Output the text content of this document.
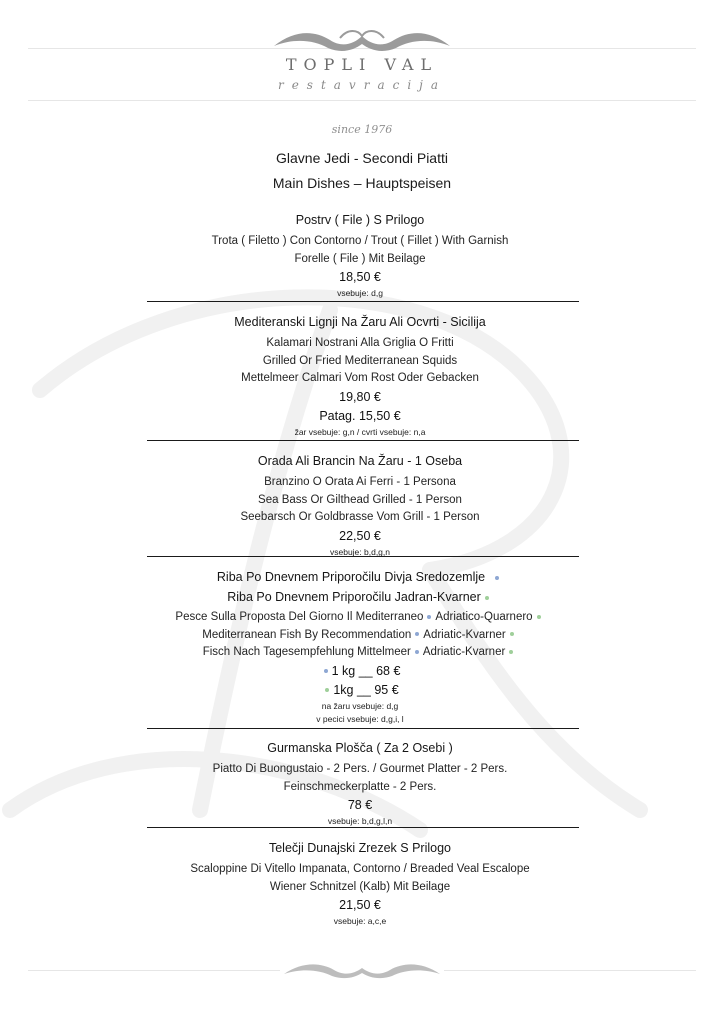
TOPLI VAL
restavracija
since 1976
Glavne Jedi - Secondi Piatti
Main Dishes – Hauptspeisen
Postrv ( File ) S Prilogo
Trota ( Filetto ) Con Contorno / Trout ( Fillet ) With Garnish
Forelle ( File ) Mit Beilage
18,50 €
vsebuje: d,g
Mediteranski Lignji Na Žaru Ali Ocvrti - Sicilija
Kalamari Nostrani Alla Griglia O Fritti
Grilled Or Fried Mediterranean Squids
Mettelmeer Calmari Vom Rost Oder Gebacken
19,80 €
Patag. 15,50 €
žar vsebuje: g,n / cvrti vsebuje: n,a
Orada Ali Brancin Na Žaru - 1 Oseba
Branzino O Orata Ai Ferri - 1 Persona
Sea Bass Or Gilthead Grilled - 1 Person
Seebarsch Or Goldbrasse Vom Grill - 1 Person
22,50 €
vsebuje: b,d,g,n
Riba Po Dnevnem Priporočilu Divja Sredozemlje
Riba Po Dnevnem Priporočilu Jadran-Kvarner
Pesce Sulla Proposta Del Giorno Il Mediterraneo Adriatico-Quarnero
Mediterranean Fish By Recommendation Adriatic-Kvarner
Fisch Nach Tagesempfehlung Mittelmeer Adriatic-Kvarner
1 kg __ 68 €
1kg __ 95 €
na žaru vsebuje: d,g
v pecici vsebuje: d,g,i, l
Gurmanska Plošča ( Za 2 Osebi )
Piatto Di Buongustaio - 2 Pers. / Gourmet Platter - 2 Pers.
Feinschmeckerplatte - 2 Pers.
78 €
vsebuje: b,d,g,l,n
Telečji Dunajski Zrezek S Prilogo
Scaloppine Di Vitello Impanata, Contorno / Breaded Veal Escalope
Wiener Schnitzel (Kalb) Mit Beilage
21,50 €
vsebuje: a,c,e
